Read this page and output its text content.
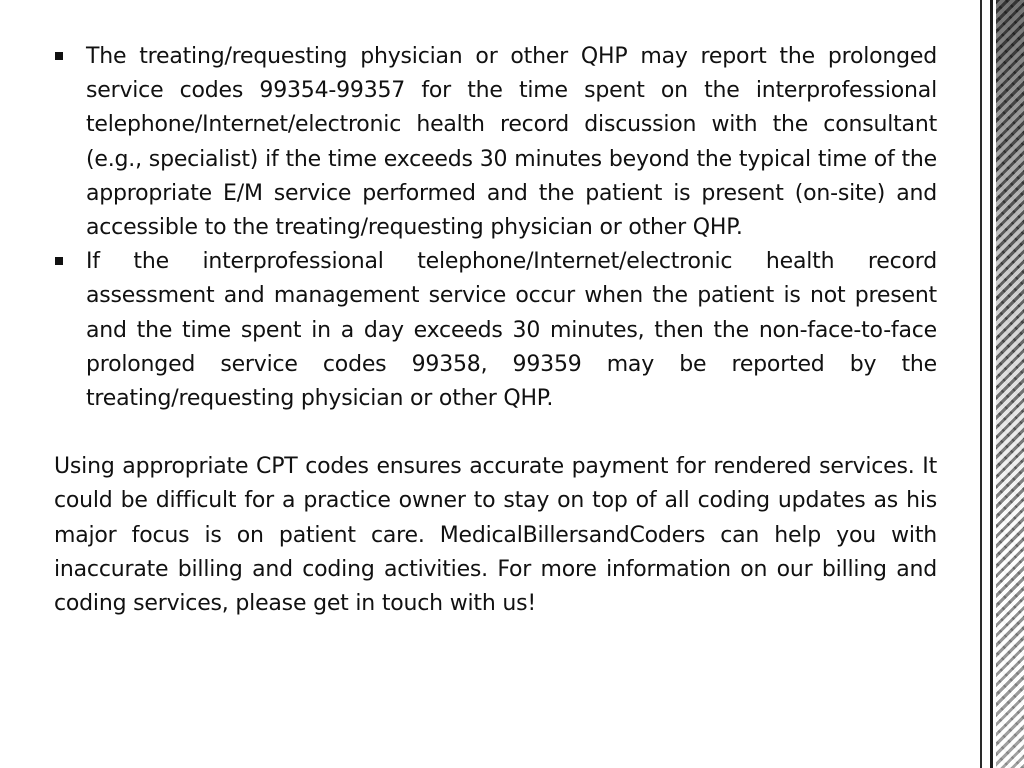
The treating/requesting physician or other QHP may report the prolonged service codes 99354-99357 for the time spent on the interprofessional telephone/Internet/electronic health record discussion with the consultant (e.g., specialist) if the time exceeds 30 minutes beyond the typical time of the appropriate E/M service performed and the patient is present (on-site) and accessible to the treating/requesting physician or other QHP.
If the interprofessional telephone/Internet/electronic health record assessment and management service occur when the patient is not present and the time spent in a day exceeds 30 minutes, then the non-face-to-face prolonged service codes 99358, 99359 may be reported by the treating/requesting physician or other QHP.

Using appropriate CPT codes ensures accurate payment for rendered services. It could be difficult for a practice owner to stay on top of all coding updates as his major focus is on patient care. MedicalBillersandCoders can help you with inaccurate billing and coding activities. For more information on our billing and coding services, please get in touch with us!
